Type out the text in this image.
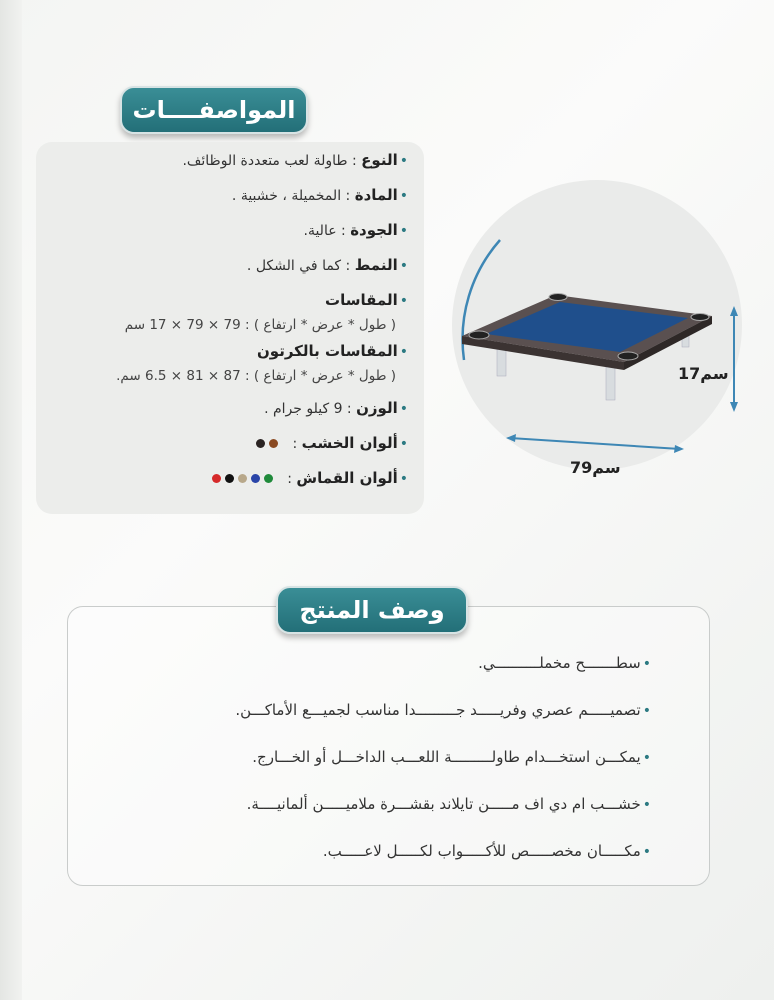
المواصفــــات
•النوع : طاولة لعب متعددة الوظائف.
•المادة : المخميلة ، خشبية .
•الجودة : عالية.
•النمط : كما في الشكل .
•المقاسات
( طول * عرض * ارتفاع ) : 79 × 79 × 17 سم
•المقاسات بالكرتون
( طول * عرض * ارتفاع ) : 87 × 81 × 6.5 سم.
•الوزن : 9 كيلو جرام .
•ألوان الخشب :
•ألوان القماش :
17سم
79سم
•سطـــــــح مخملــــــــــي.
•تصميـــــم عصري وفريـــــد جـــــــــدا مناسب لجميـــع الأماكـــن.
•يمكـــن استخـــدام طاولـــــــــة اللعـــب الداخـــل أو الخـــارج.
•خشـــب ام دي اف مـــــن تايلاند بقشـــرة ملاميـــــن ألمانيــــة.
•مكـــــان مخصـــــص للأكـــــواب لكـــــل لاعـــــب.
وصف المنتج
